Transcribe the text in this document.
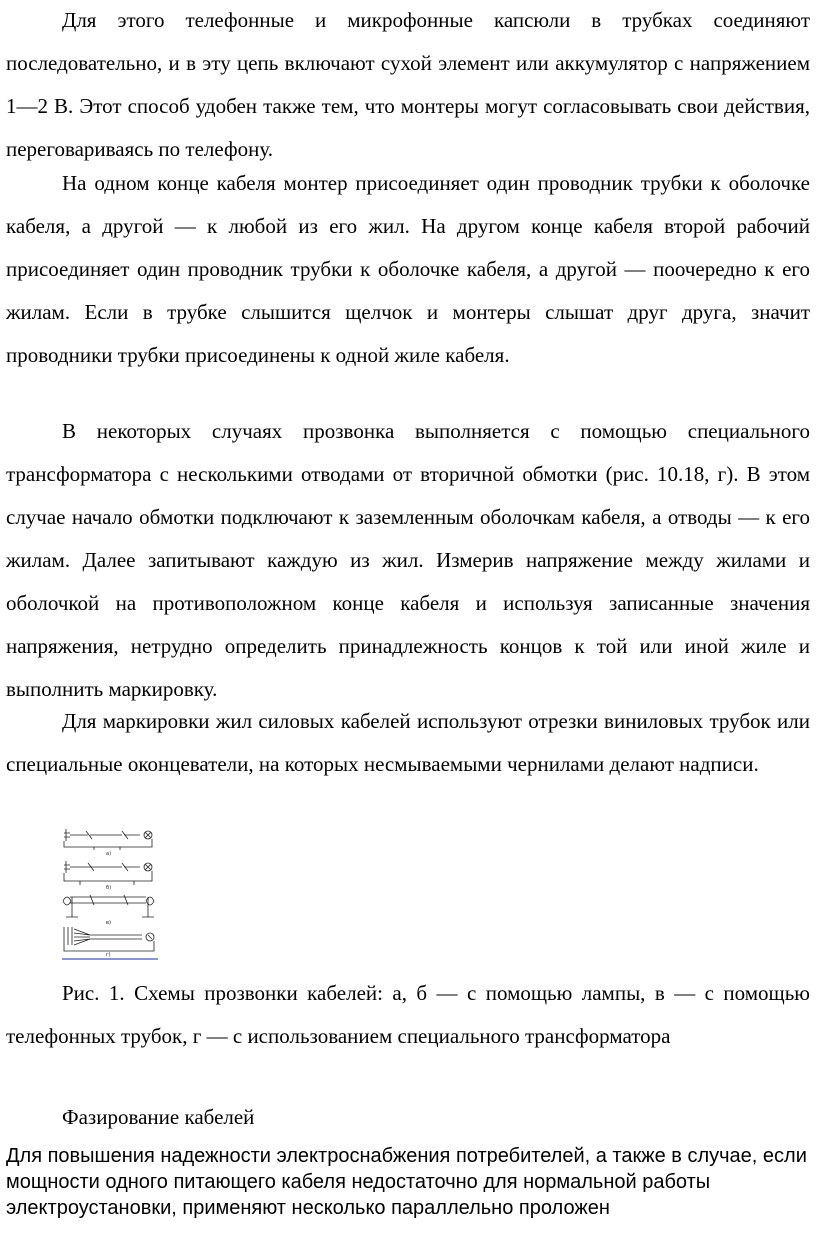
Для этого телефонные и микрофонные капсюли в трубках соединяют последовательно, и в эту цепь включают сухой элемент или аккумулятор с напряжением 1—2 В. Этот способ удобен также тем, что монтеры могут согласовывать свои действия, переговариваясь по телефону.

На одном конце кабеля монтер присоединяет один проводник трубки к оболочке кабеля, а другой — к любой из его жил. На другом конце кабеля второй рабочий присоединяет один проводник трубки к оболочке кабеля, а другой — поочередно к его жилам. Если в трубке слышится щелчок и монтеры слышат друг друга, значит проводники трубки присоединены к одной жиле кабеля.

В некоторых случаях прозвонка выполняется с помощью специального трансформатора с несколькими отводами от вторичной обмотки (рис. 10.18, г). В этом случае начало обмотки подключают к заземленным оболочкам кабеля, а отводы — к его жилам. Далее запитывают каждую из жил. Измерив напряжение между жилами и оболочкой на противоположном конце кабеля и используя записанные значения напряжения, нетрудно определить принадлежность концов к той или иной жиле и выполнить маркировку.

Для маркировки жил силовых кабелей используют отрезки виниловых трубок или специальные оконцеватели, на которых несмываемыми чернилами делают надписи.

а)
б)
в)
г)

Рис. 1. Схемы прозвонки кабелей: а, б — с помощью лампы, в — с помощью телефонных трубок, г — с использованием специального трансформатора

Фазирование кабелей

Для повышения надежности электроснабжения потребителей, а также в случае, если мощности одного питающего кабеля недостаточно для нормальной работы электроустановки, применяют несколько параллельно проложен
